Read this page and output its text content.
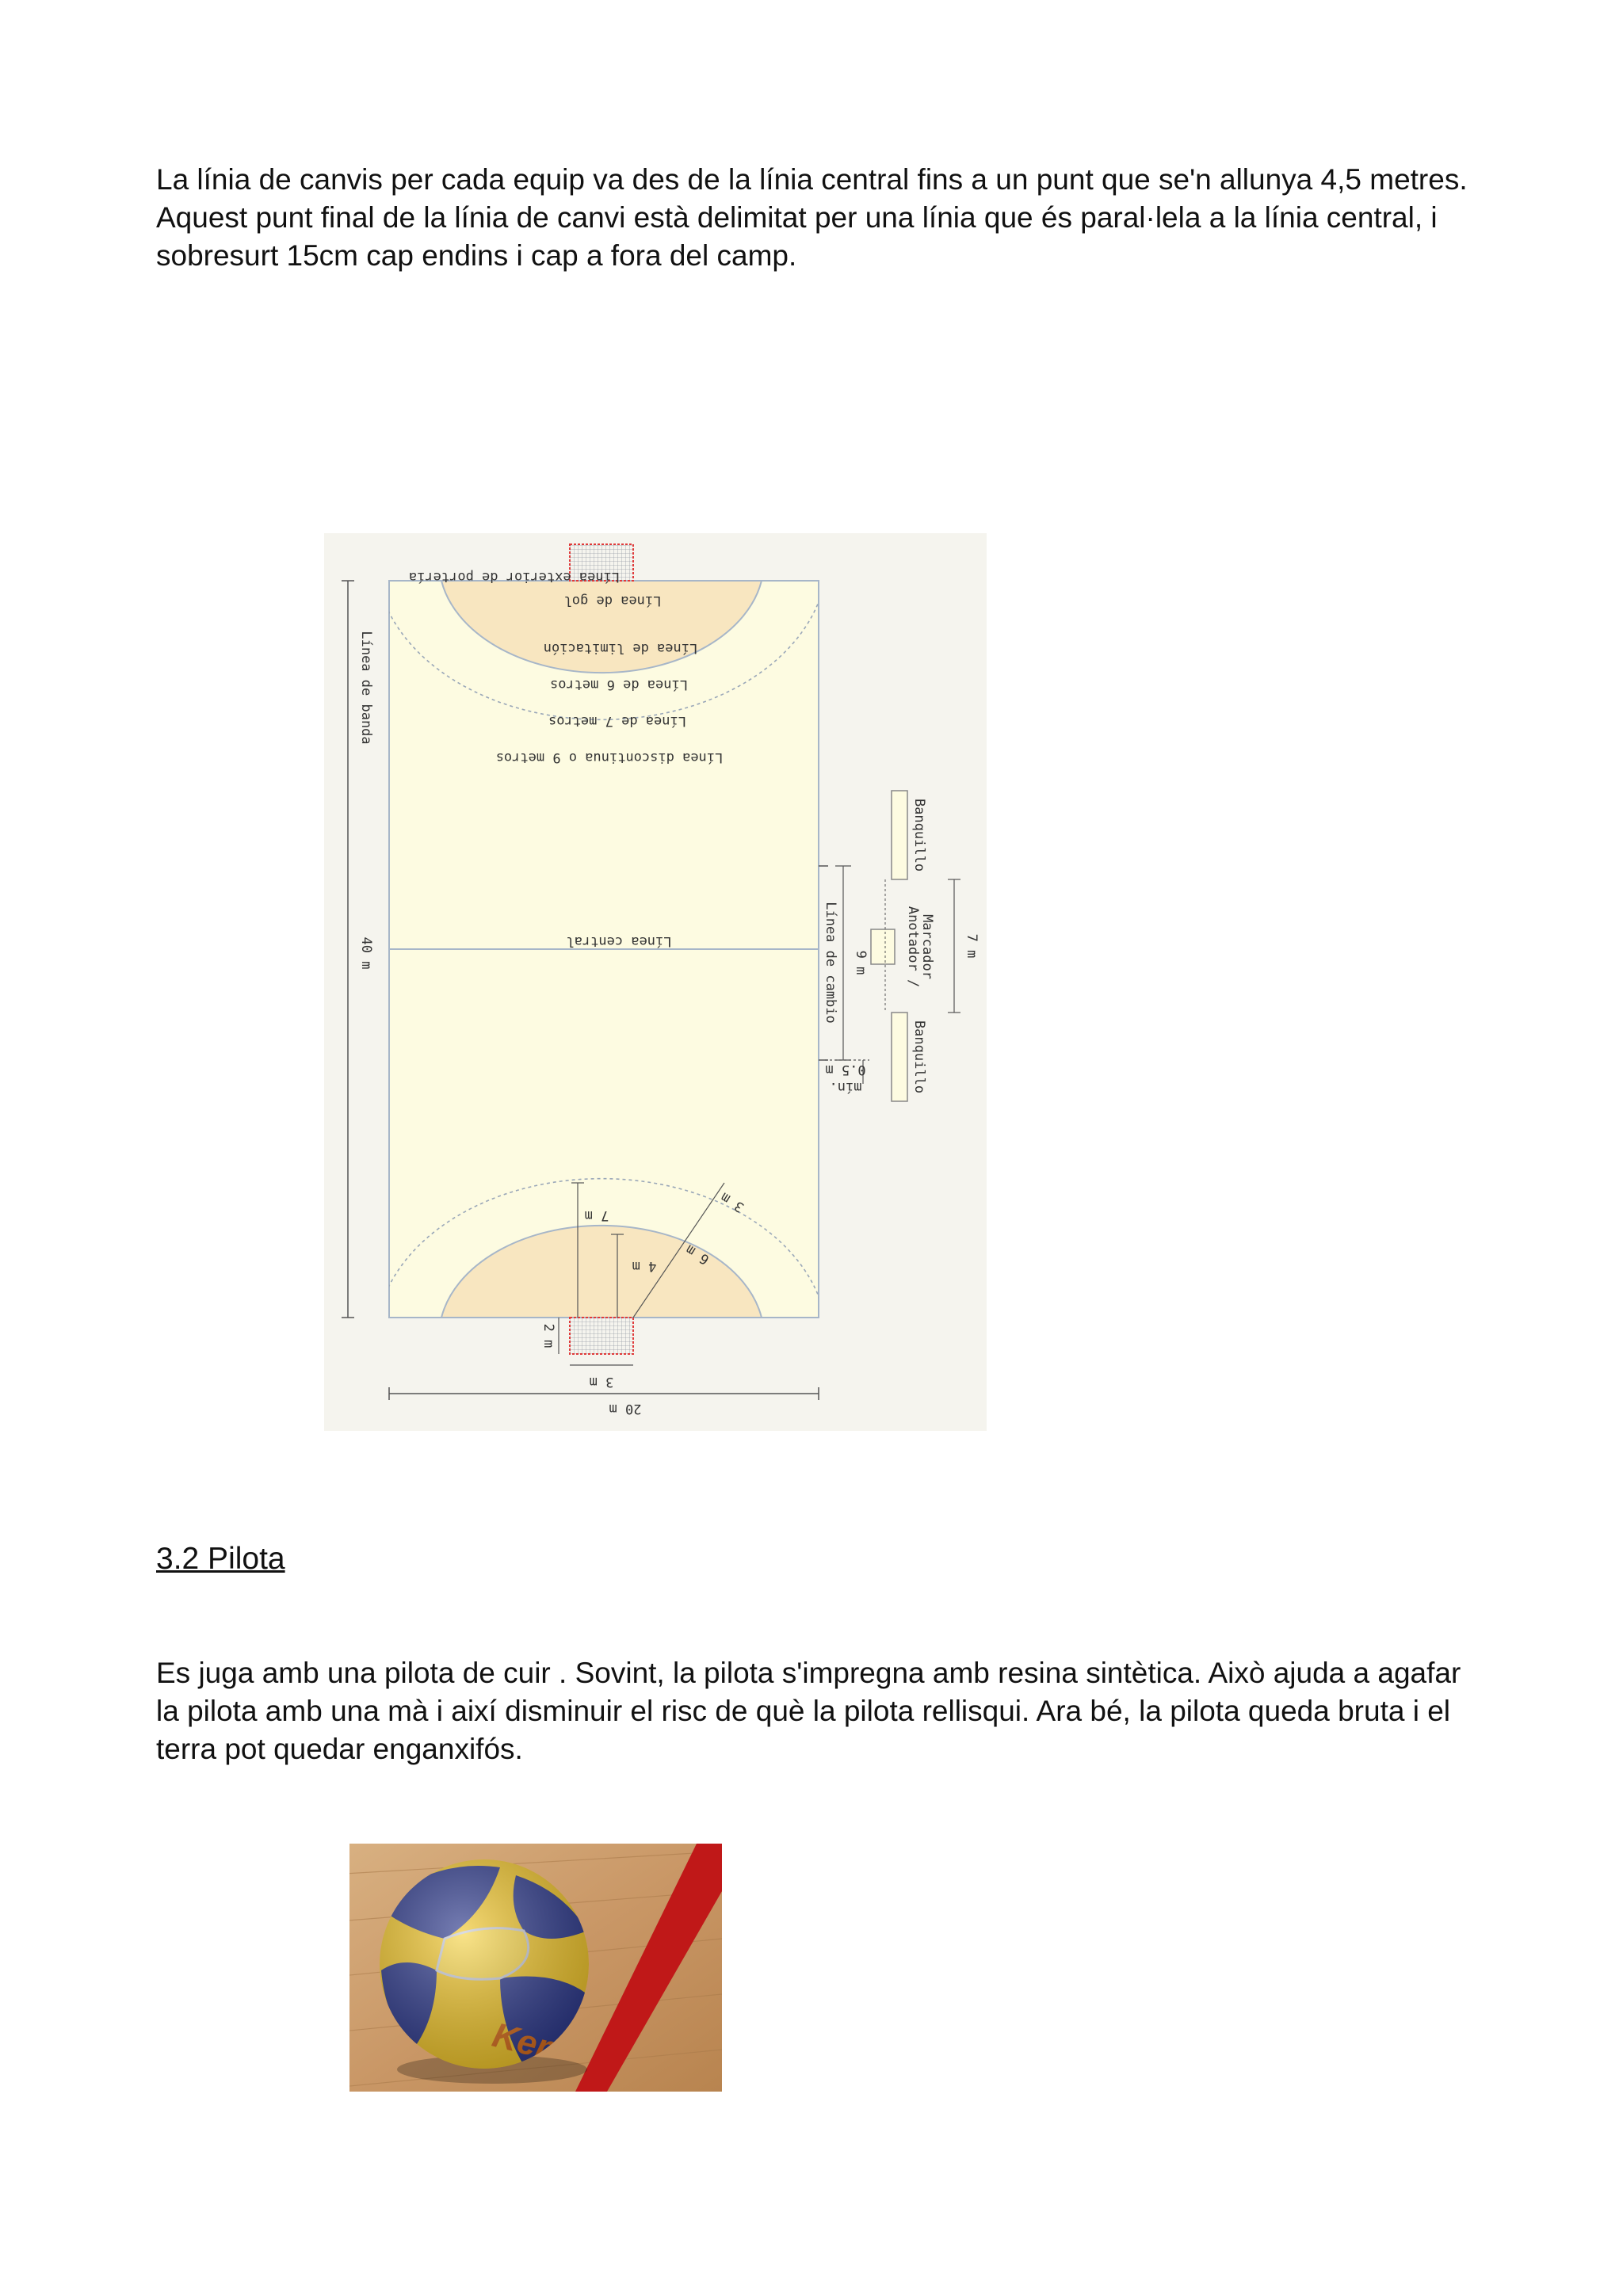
La línia de canvis per cada equip va des de la línia central fins a un punt que se'n allunya 4,5 metres. Aquest punt final de la línia de canvi està delimitat per una línia que és paral·lela a la línia central, i sobresurt 15cm cap endins i cap a fora del camp.

Línea exterior de portería
Línea de gol
Línea de limitación
Línea de 6 metros
Línea de 7 metros
Línea discontinua o 9 metros
Línea central
Línea de banda
40 m
20 m
3 m
2 m
7 m
4 m 6 m
3 m
Línea de cambio 9 m
0.5 m
mín.
Banquillo
Banquillo
Anotador /
Marcador 7 m
3.2 Pilota

Es juga amb una pilota de cuir . Sovint, la pilota s'impregna amb resina sintètica. Això ajuda a agafar la pilota amb una mà i així disminuir el risc de què la pilota rellisqui. Ara bé, la pilota queda bruta i el terra pot quedar enganxifós.
